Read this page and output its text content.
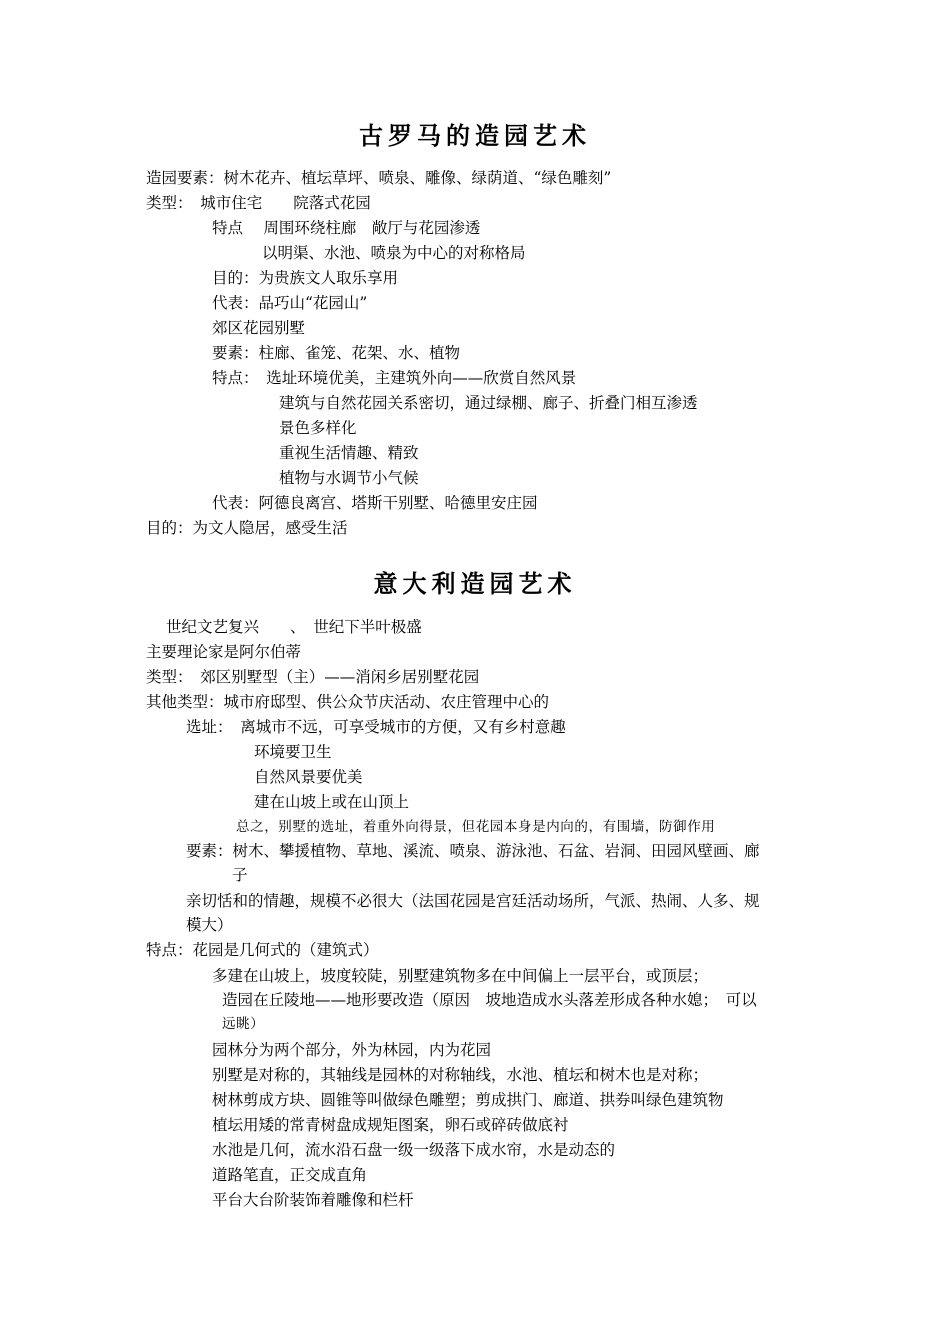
古罗马的造园艺术
造园要素：树木花卉、植坛草坪、喷泉、雕像、绿荫道、“绿色雕刻”
类型：　城市住宅　　院落式花园
特点　 周围环绕柱廊　敞厅与花园渗透
以明渠、水池、喷泉为中心的对称格局
目的：为贵族文人取乐享用
代表：品巧山“花园山”
郊区花园别墅
要素：柱廊、雀笼、花架、水、植物
特点：　选址环境优美，主建筑外向——欣赏自然风景
建筑与自然花园关系密切，通过绿棚、廊子、折叠门相互渗透
景色多样化
重视生活情趣、精致
植物与水调节小气候
代表：阿德良离宫、塔斯干别墅、哈德里安庄园
目的：为文人隐居，感受生活
意大利造园艺术
世纪文艺复兴　　、　世纪下半叶极盛
主要理论家是阿尔伯蒂
类型：　郊区别墅型（主）——消闲乡居别墅花园
其他类型：城市府邸型、供公众节庆活动、农庄管理中心的
选址：　离城市不远，可享受城市的方便，又有乡村意趣
环境要卫生
自然风景要优美
建在山坡上或在山顶上
总之，别墅的选址，着重外向得景，但花园本身是内向的，有围墙，防御作用
要素：树木、攀援植物、草地、溪流、喷泉、游泳池、石盆、岩洞、田园风壁画、廊
子
亲切恬和的情趣，规模不必很大（法国花园是宫廷活动场所，气派、热闹、人多、规
模大）
特点：花园是几何式的（建筑式）
多建在山坡上，坡度较陡，别墅建筑物多在中间偏上一层平台，或顶层；
造园在丘陵地——地形要改造（原因　坡地造成水头落差形成各种水媳；　可以
远眺）
园林分为两个部分，外为林园，内为花园
别墅是对称的，其轴线是园林的对称轴线，水池、植坛和树木也是对称；
树林剪成方块、圆锥等叫做绿色雕塑；剪成拱门、廊道、拱券叫绿色建筑物
植坛用矮的常青树盘成规矩图案，卵石或碎砖做底衬
水池是几何，流水沿石盘一级一级落下成水帘，水是动态的
道路笔直，正交成直角
平台大台阶装饰着雕像和栏杆
